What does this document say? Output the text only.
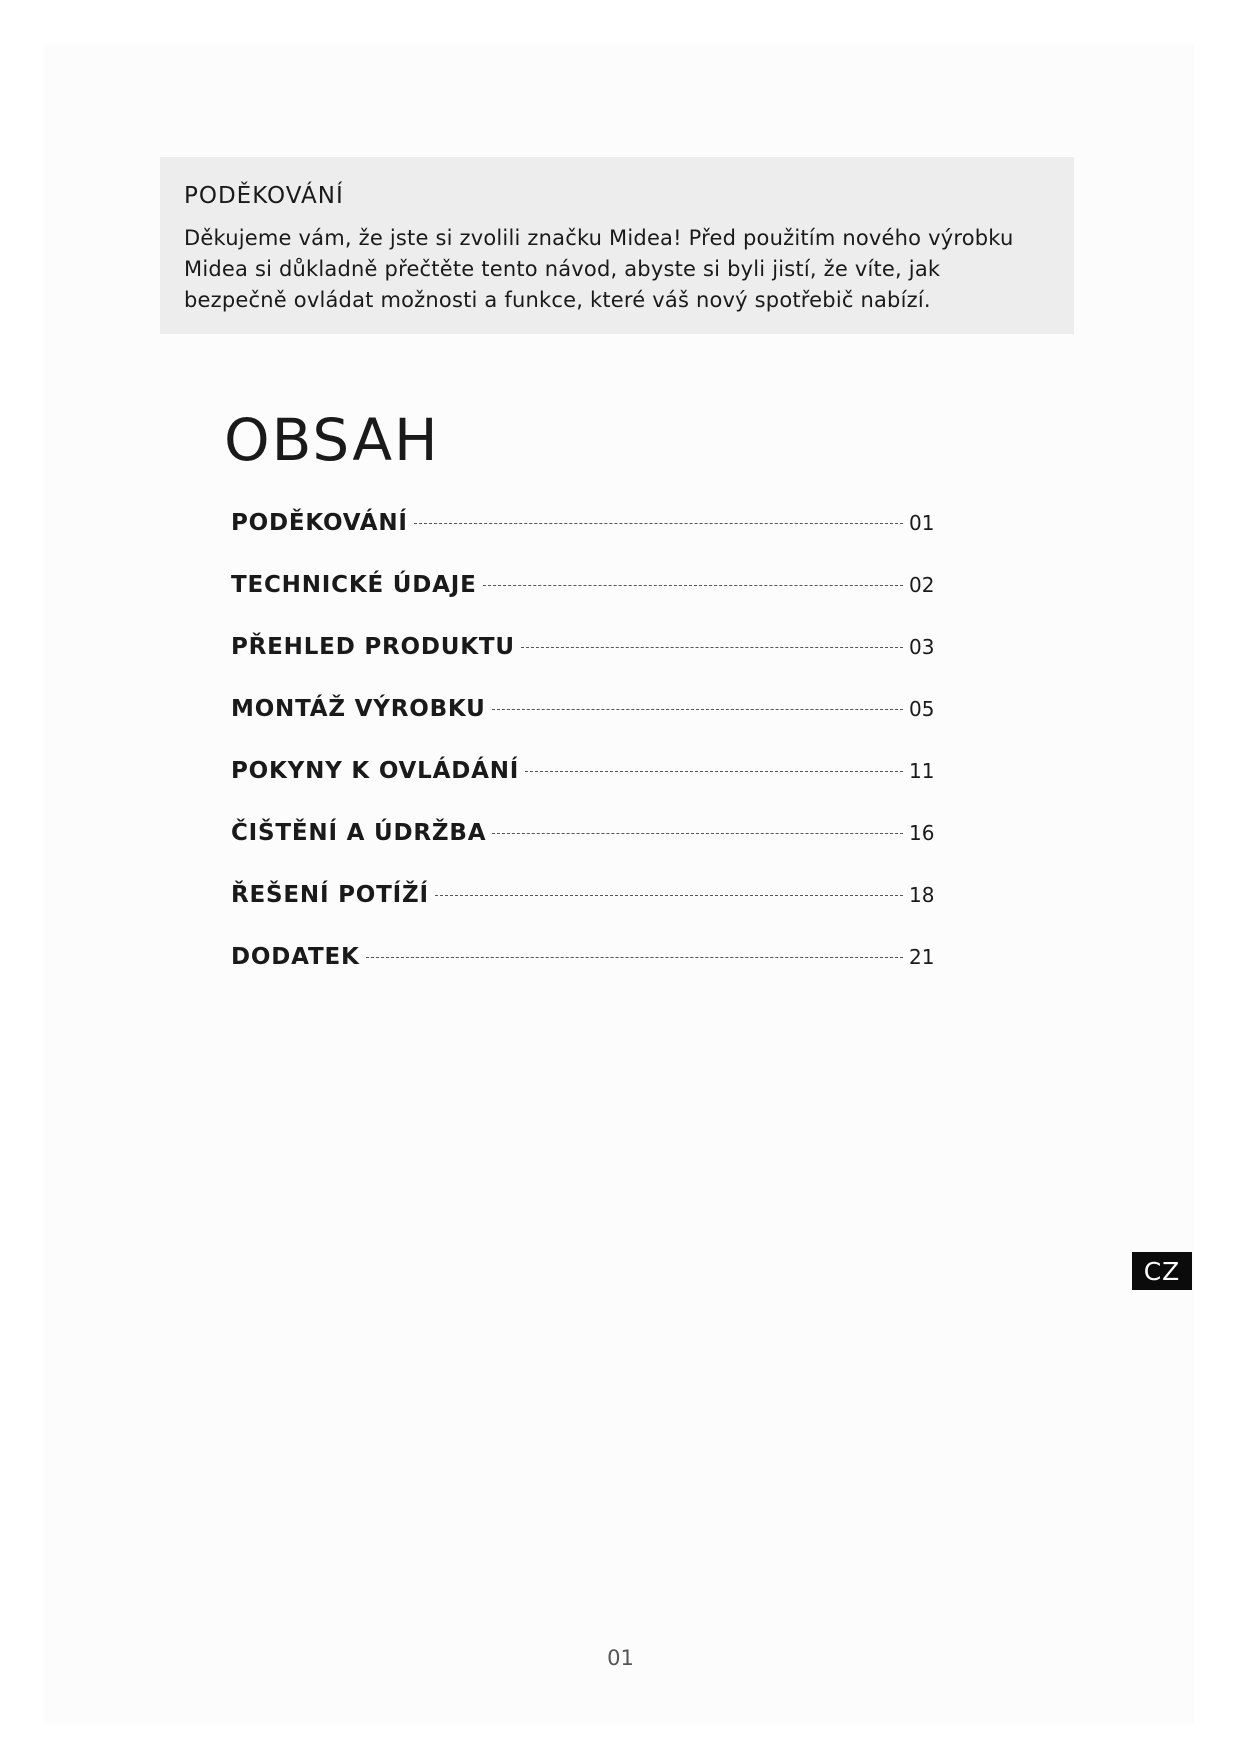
PODĚKOVÁNÍ

Děkujeme vám, že jste si zvolili značku Midea! Před použitím nového výrobku
Midea si důkladně přečtěte tento návod, abyste si byli jistí, že víte, jak
bezpečně ovládat možnosti a funkce, které váš nový spotřebič nabízí.

OBSAH
PODĚKOVÁNÍ	01
TECHNICKÉ ÚDAJE	02
PŘEHLED PRODUKTU	03
MONTÁŽ VÝROBKU	05
POKYNY K OVLÁDÁNÍ	11
ČIŠTĚNÍ A ÚDRŽBA	16
ŘEŠENÍ POTÍŽÍ	18
DODATEK	21
CZ
01
